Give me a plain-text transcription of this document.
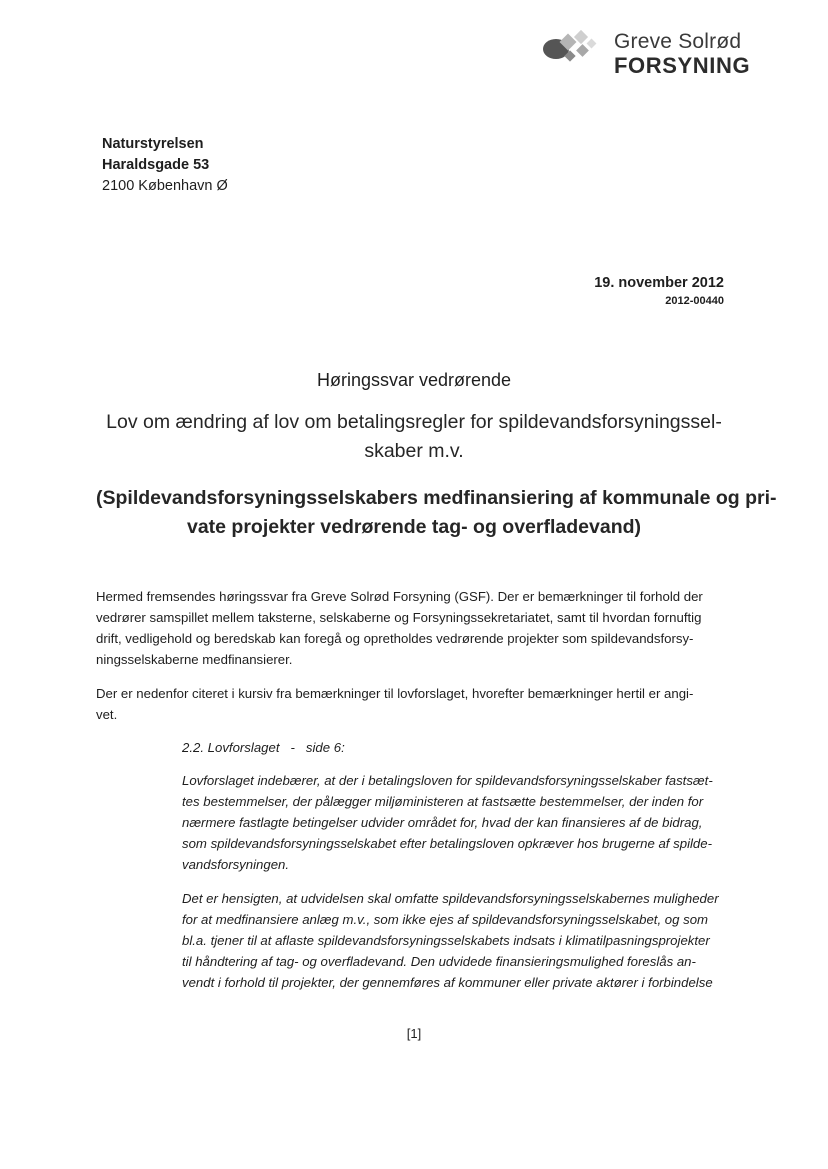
Greve Solrød
FORSYNING
Naturstyrelsen
Haraldsgade 53
2100 København Ø
19. november 2012
2012-00440
Høringssvar vedrørende
Lov om ændring af lov om betalingsregler for spildevandsforsyningssel-
skaber m.v.
(Spildevandsforsyningsselskabers medfinansiering af kommunale og pri-
vate projekter vedrørende tag- og overfladevand)
Hermed fremsendes høringssvar fra Greve Solrød Forsyning (GSF). Der er bemærkninger til forhold der
vedrører samspillet mellem taksterne, selskaberne og Forsyningssekretariatet, samt til hvordan fornuftig
drift, vedligehold og beredskab kan foregå og opretholdes vedrørende projekter som spildevandsforsy-
ningsselskaberne medfinansierer.
Der er nedenfor citeret i kursiv fra bemærkninger til lovforslaget, hvorefter bemærkninger hertil er angi-
vet.
2.2. Lovforslaget   -   side 6:
Lovforslaget indebærer, at der i betalingsloven for spildevandsforsyningsselskaber fastsæt-
tes bestemmelser, der pålægger miljøministeren at fastsætte bestemmelser, der inden for
nærmere fastlagte betingelser udvider området for, hvad der kan finansieres af de bidrag,
som spildevandsforsyningsselskabet efter betalingsloven opkræver hos brugerne af spilde-
vandsforsyningen.
Det er hensigten, at udvidelsen skal omfatte spildevandsforsyningsselskabernes muligheder
for at medfinansiere anlæg m.v., som ikke ejes af spildevandsforsyningsselskabet, og som
bl.a. tjener til at aflaste spildevandsforsyningsselskabets indsats i klimatilpasningsprojekter
til håndtering af tag- og overfladevand. Den udvidede finansieringsmulighed foreslås an-
vendt i forhold til projekter, der gennemføres af kommuner eller private aktører i forbindelse
[1]
